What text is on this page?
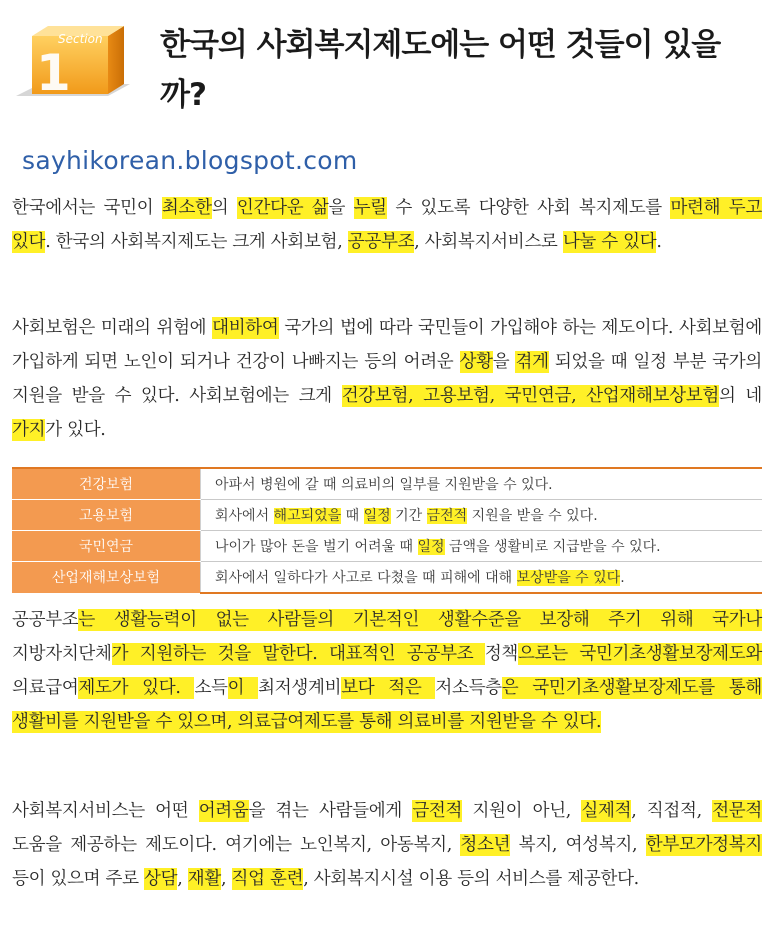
Section
1	한국의 사회복지제도에는 어떤 것들이 있을까?
sayhikorean.blogspot.com

한국에서는 국민이 최소한의 인간다운 삶을 누릴 수 있도록 다양한 사회 복지제도를 마련해 두고 있다. 한국의 사회복지제도는 크게 사회보험, 공공부조, 사회복지서비스로 나눌 수 있다.

사회보험은 미래의 위험에 대비하여 국가의 법에 따라 국민들이 가입해야 하는 제도이다. 사회보험에 가입하게 되면 노인이 되거나 건강이 나빠지는 등의 어려운 상황을 겪게 되었을 때 일정 부분 국가의 지원을 받을 수 있다. 사회보험에는 크게 건강보험, 고용보험, 국민연금, 산업재해보상보험의 네 가지가 있다.

건강보험	아파서 병원에 갈 때 의료비의 일부를 지원받을 수 있다.
고용보험	회사에서 해고되었을 때 일정 기간 금전적 지원을 받을 수 있다.
국민연금	나이가 많아 돈을 벌기 어려울 때 일정 금액을 생활비로 지급받을 수 있다.
산업재해보상보험	회사에서 일하다가 사고로 다쳤을 때 피해에 대해 보상받을 수 있다.

공공부조는 생활능력이 없는 사람들의 기본적인 생활수준을 보장해 주기 위해 국가나 지방자치단체가 지원하는 것을 말한다. 대표적인 공공부조 정책으로는 국민기초생활보장제도와 의료급여제도가 있다. 소득이 최저생계비보다 적은 저소득층은 국민기초생활보장제도를 통해 생활비를 지원받을 수 있으며, 의료급여제도를 통해 의료비를 지원받을 수 있다.

사회복지서비스는 어떤 어려움을 겪는 사람들에게 금전적 지원이 아닌, 실제적, 직접적, 전문적 도움을 제공하는 제도이다. 여기에는 노인복지, 아동복지, 청소년 복지, 여성복지, 한부모가정복지 등이 있으며 주로 상담, 재활, 직업 훈련, 사회복지시설 이용 등의 서비스를 제공한다.
